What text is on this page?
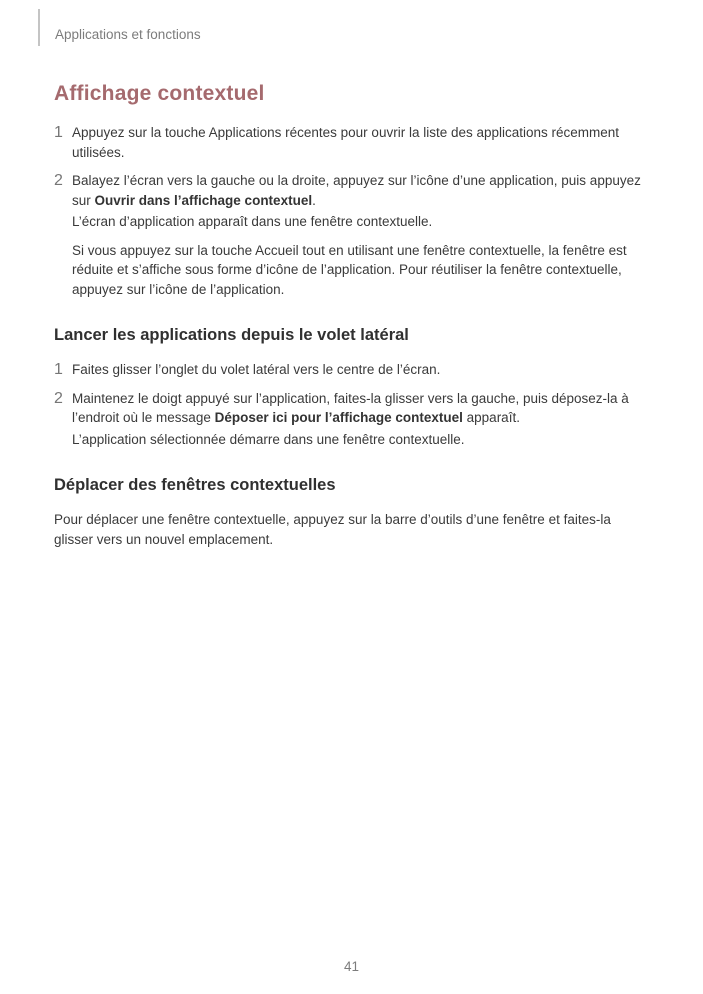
Applications et fonctions
Affichage contextuel
1 Appuyez sur la touche Applications récentes pour ouvrir la liste des applications récemment utilisées.

2 Balayez l’écran vers la gauche ou la droite, appuyez sur l’icône d’une application, puis appuyez sur Ouvrir dans l’affichage contextuel.

L’écran d’application apparaît dans une fenêtre contextuelle.

Si vous appuyez sur la touche Accueil tout en utilisant une fenêtre contextuelle, la fenêtre est réduite et s’affiche sous forme d’icône de l’application. Pour réutiliser la fenêtre contextuelle, appuyez sur l’icône de l’application.

Lancer les applications depuis le volet latéral
1 Faites glisser l’onglet du volet latéral vers le centre de l’écran.

2 Maintenez le doigt appuyé sur l’application, faites-la glisser vers la gauche, puis déposez-la à l’endroit où le message Déposer ici pour l’affichage contextuel apparaît.

L’application sélectionnée démarre dans une fenêtre contextuelle.

Déplacer des fenêtres contextuelles

Pour déplacer une fenêtre contextuelle, appuyez sur la barre d’outils d’une fenêtre et faites-la glisser vers un nouvel emplacement.

41
